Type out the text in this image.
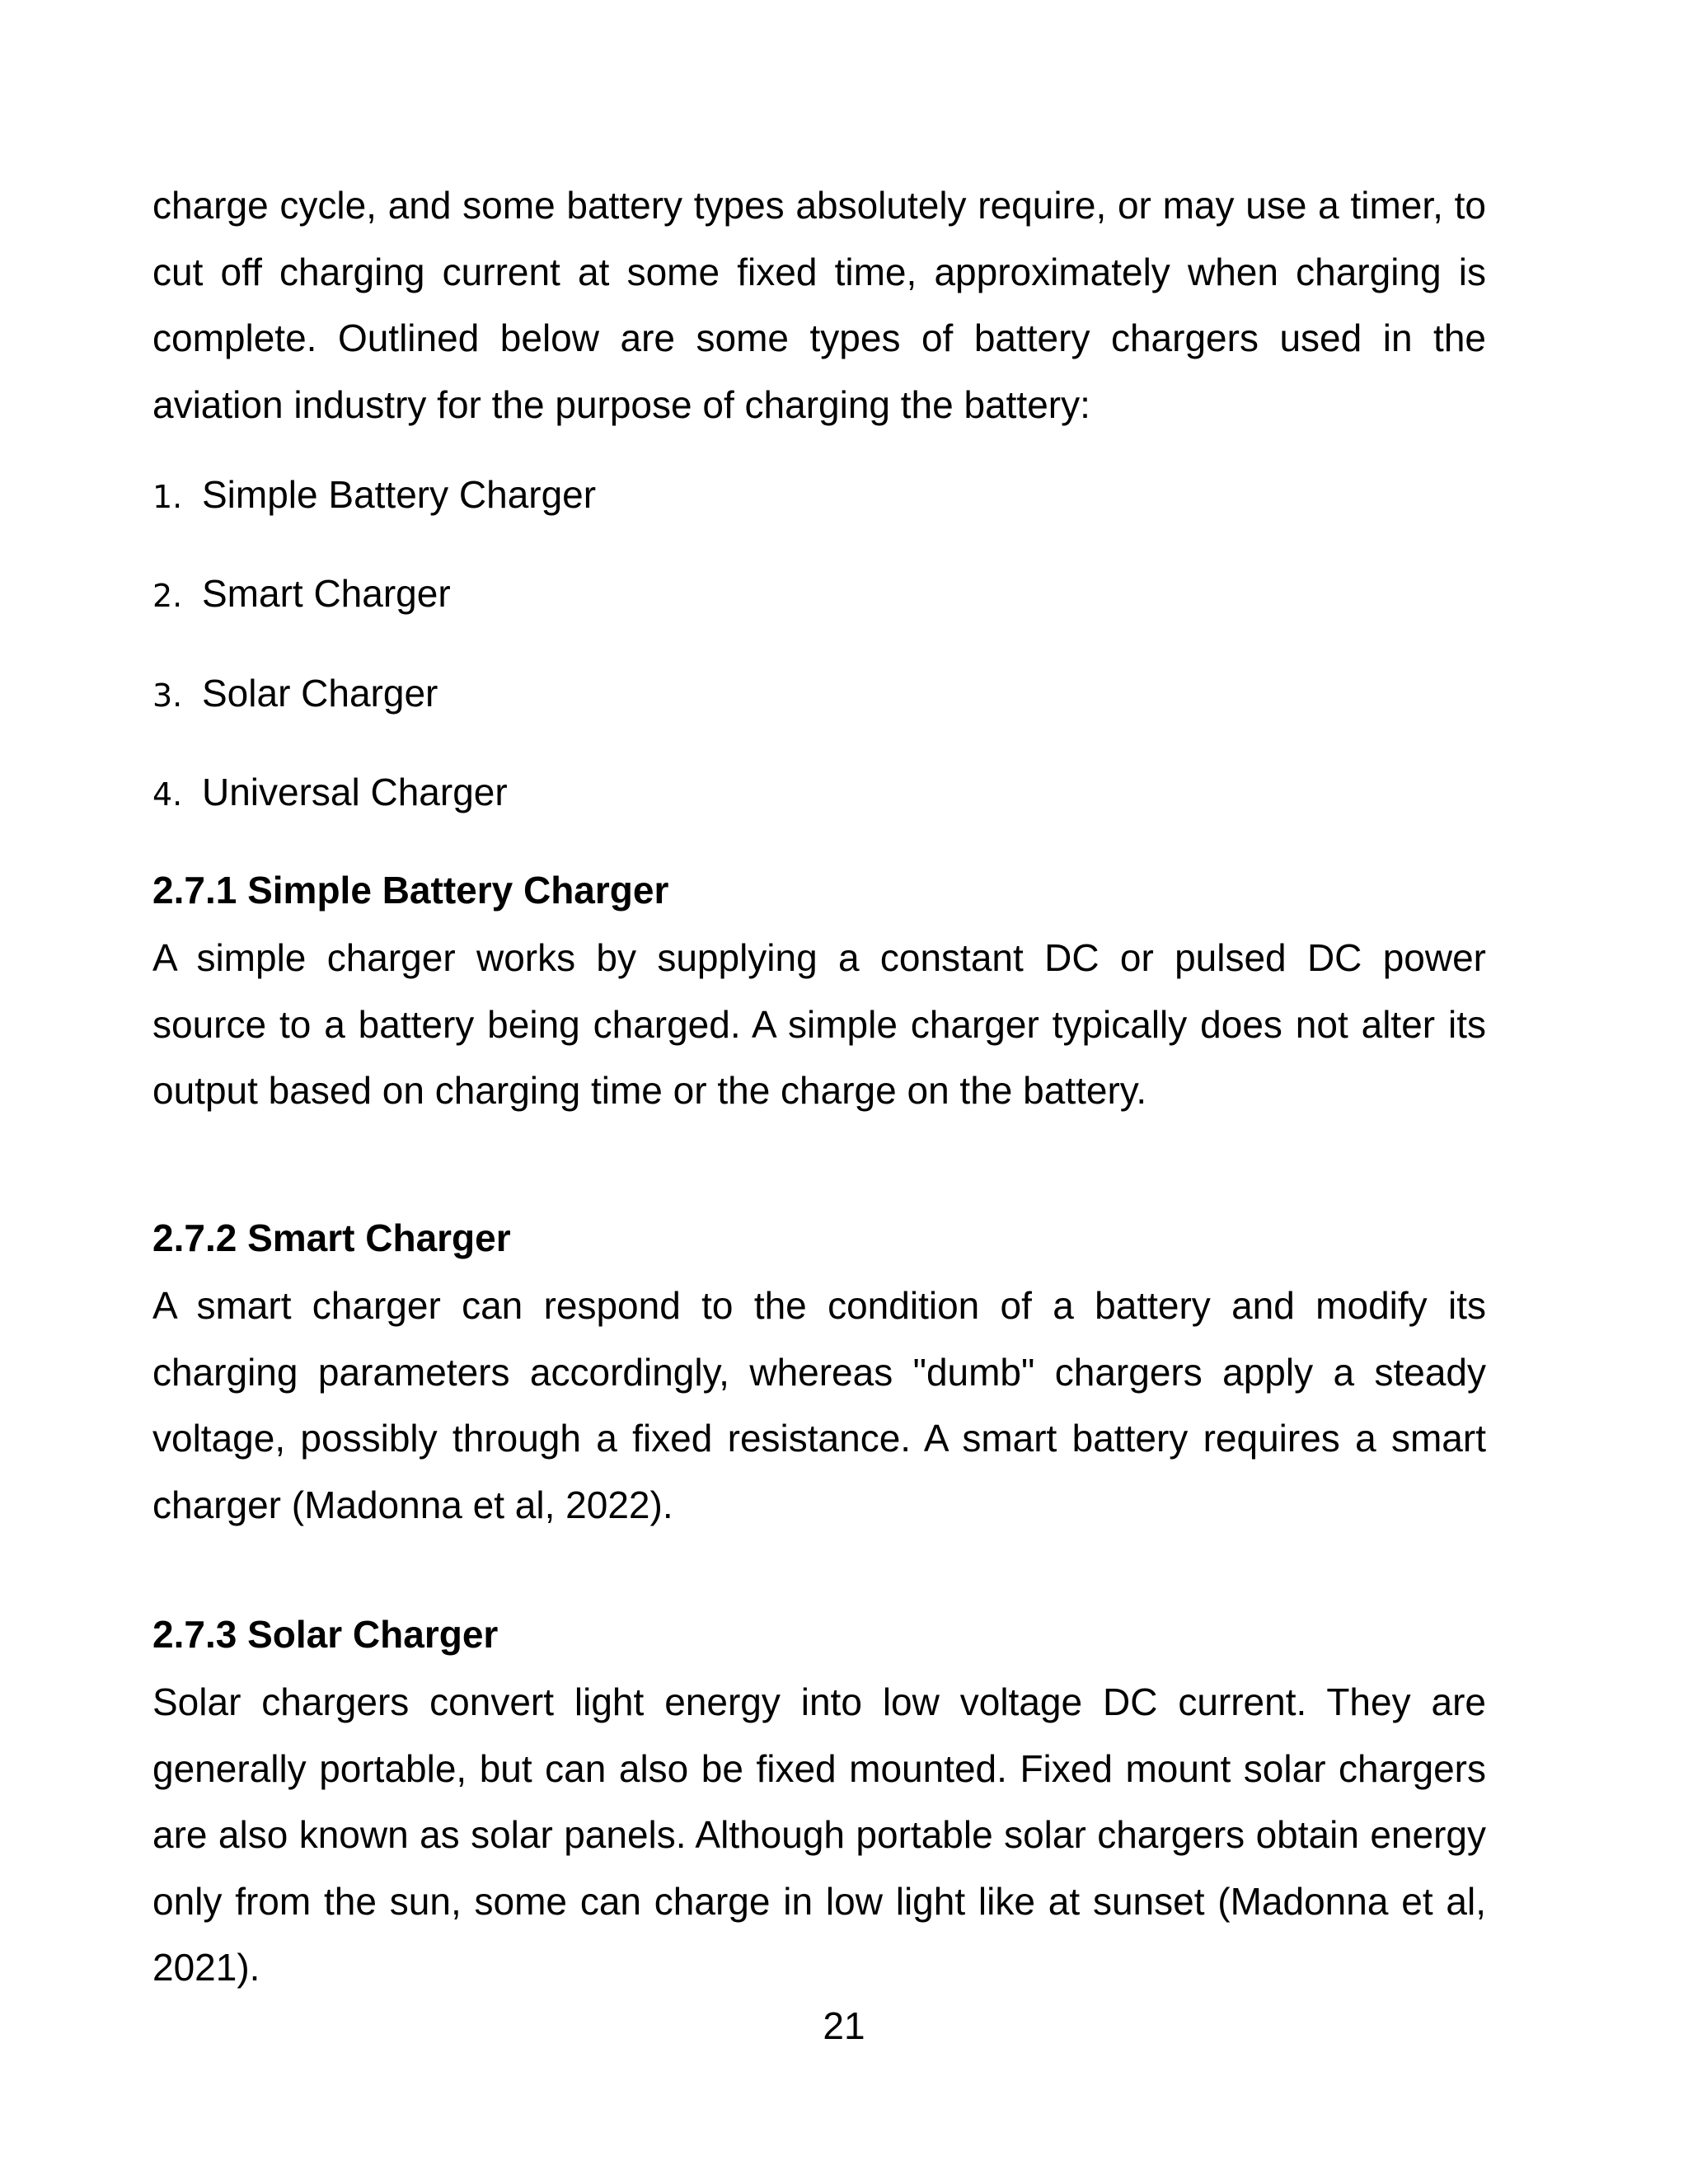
charge cycle, and some battery types absolutely require, or may use a timer, to cut off charging current at some fixed time, approximately when charging is complete. Outlined below are some types of battery chargers used in the aviation industry for the purpose of charging the battery:

1. Simple Battery Charger
2. Smart Charger
3. Solar Charger
4. Universal Charger
2.7.1 Simple Battery Charger

A simple charger works by supplying a constant DC or pulsed DC power source to a battery being charged. A simple charger typically does not alter its output based on charging time or the charge on the battery.

2.7.2 Smart Charger

A smart charger can respond to the condition of a battery and modify its charging parameters accordingly, whereas "dumb" chargers apply a steady voltage, possibly through a fixed resistance. A smart battery requires a smart charger (Madonna et al, 2022).

2.7.3 Solar Charger

Solar chargers convert light energy into low voltage DC current. They are generally portable, but can also be fixed mounted. Fixed mount solar chargers are also known as solar panels. Although portable solar chargers obtain energy only from the sun, some can charge in low light like at sunset (Madonna et al, 2021).

21
